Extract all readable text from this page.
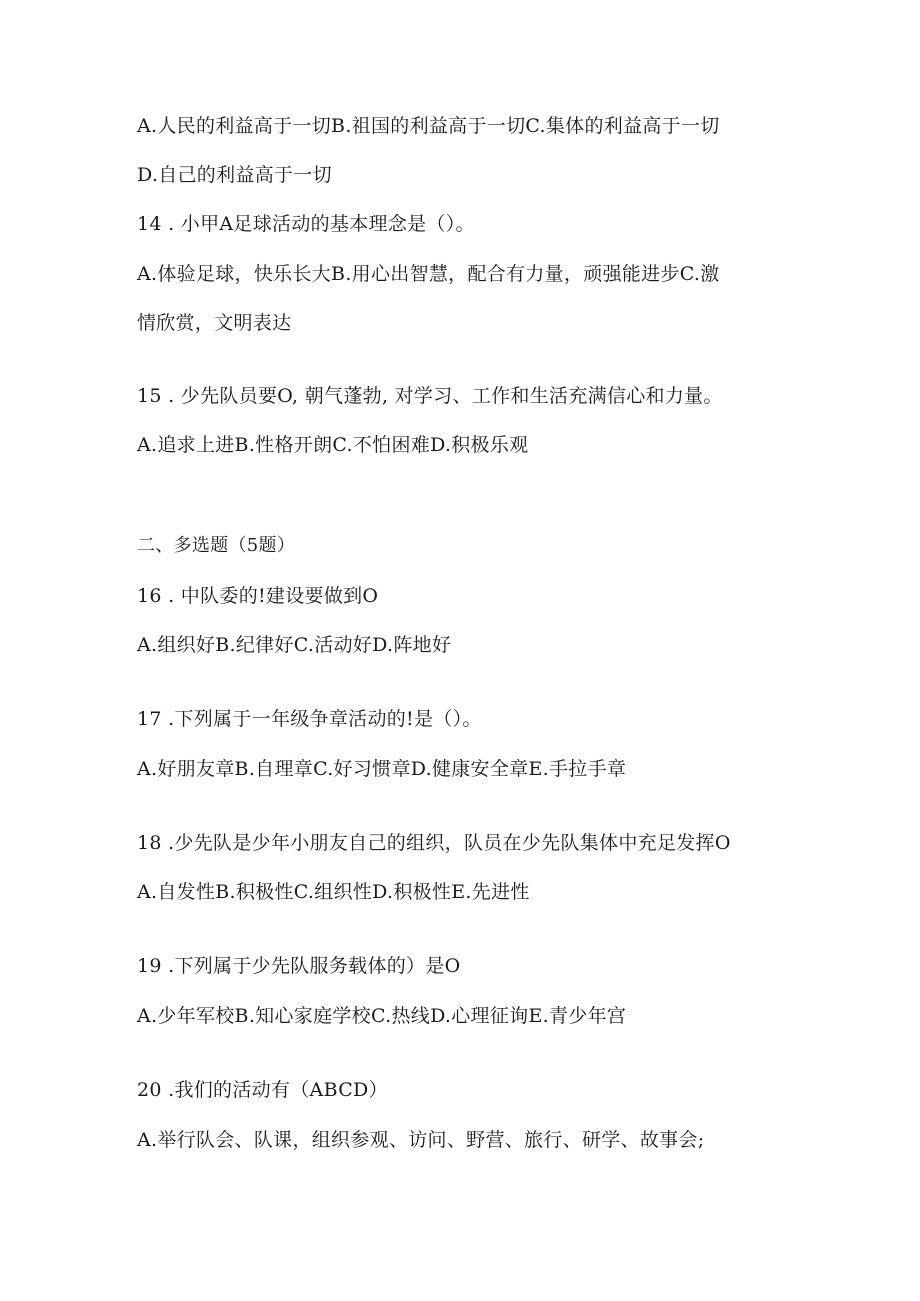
A.人民的利益高于一切B.祖国的利益高于一切C.集体的利益高于一切
D.自己的利益高于一切
14 . 小甲A足球活动的基本理念是（）。
A.体验足球，快乐长大B.用心出智慧，配合有力量，顽强能进步C.激
情欣赏，文明表达
15 . 少先队员要O, 朝气蓬勃, 对学习、工作和生活充满信心和力量。
A.追求上进B.性格开朗C.不怕困难D.积极乐观
二、多选题（5题）
16 . 中队委的!建设要做到O
A.组织好B.纪律好C.活动好D.阵地好
17 .下列属于一年级争章活动的!是（）。
A.好朋友章B.自理章C.好习惯章D.健康安全章E.手拉手章
18 .少先队是少年小朋友自己的组织，队员在少先队集体中充足发挥O
A.自发性B.积极性C.组织性D.积极性E.先进性
19 .下列属于少先队服务载体的）是O
A.少年军校B.知心家庭学校C.热线D.心理征询E.青少年宫
20 .我们的活动有（ABCD）
A.举行队会、队课，组织参观、访问、野营、旅行、研学、故事会;
